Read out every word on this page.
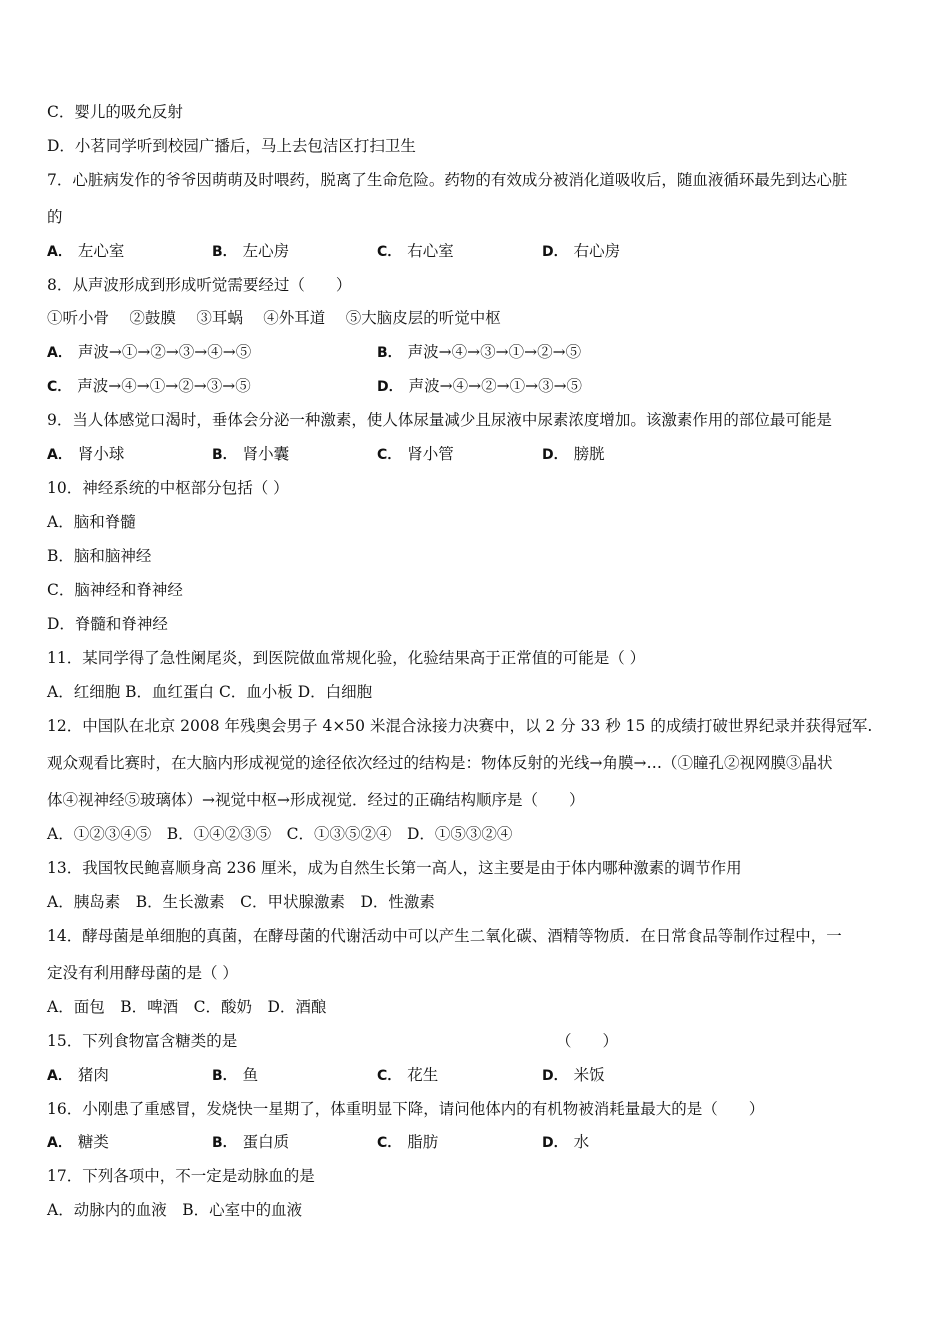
C．婴儿的吸允反射
D．小茗同学听到校园广播后，马上去包洁区打扫卫生
7．心脏病发作的爷爷因萌萌及时喂药，脱离了生命危险。药物的有效成分被消化道吸收后，随血液循环最先到达心脏
的
A． 左心室	B． 左心房	C． 右心室	D． 右心房
8．从声波形成到形成听觉需要经过（　　）
①听小骨　 ②鼓膜　 ③耳蜗　 ④外耳道　 ⑤大脑皮层的听觉中枢
A． 声波→①→②→③→④→⑤	B． 声波→④→③→①→②→⑤
C． 声波→④→①→②→③→⑤	D． 声波→④→②→①→③→⑤
9．当人体感觉口渴时，垂体会分泌一种激素，使人体尿量减少且尿液中尿素浓度增加。该激素作用的部位最可能是
A． 肾小球	B． 肾小囊	C． 肾小管	D． 膀胱
10．神经系统的中枢部分包括（ ）
A．脑和脊髓
B．脑和脑神经
C．脑神经和脊神经
D．脊髓和脊神经
11．某同学得了急性阑尾炎，到医院做血常规化验，化验结果高于正常值的可能是（ ）
A．红细胞 B．血红蛋白 C．血小板 D．白细胞
12．中国队在北京 2008 年残奥会男子 4×50 米混合泳接力决赛中，以 2 分 33 秒 15 的成绩打破世界纪录并获得冠军.
观众观看比赛时，在大脑内形成视觉的途径依次经过的结构是：物体反射的光线→角膜→…（①瞳孔②视网膜③晶状
体④视神经⑤玻璃体）→视觉中枢→形成视觉．经过的正确结构顺序是（　　）
A．①②③④⑤　B．①④②③⑤　C．①③⑤②④　D．①⑤③②④
13．我国牧民鲍喜顺身高 236 厘米，成为自然生长第一高人，这主要是由于体内哪种激素的调节作用
A．胰岛素　B．生长激素　C．甲状腺激素　D．性激素
14．酵母菌是单细胞的真菌，在酵母菌的代谢活动中可以产生二氧化碳、酒精等物质．在日常食品等制作过程中，一
定没有利用酵母菌的是（ ）
A．面包　B．啤酒　C．酸奶　D．酒酿
15．下列食物富含糖类的是	（　　）
A． 猪肉	B． 鱼	C． 花生	D． 米饭
16．小刚患了重感冒，发烧快一星期了，体重明显下降，请问他体内的有机物被消耗量最大的是（　　）
A． 糖类	B． 蛋白质	C． 脂肪	D． 水
17．下列各项中，不一定是动脉血的是
A．动脉内的血液　B．心室中的血液
